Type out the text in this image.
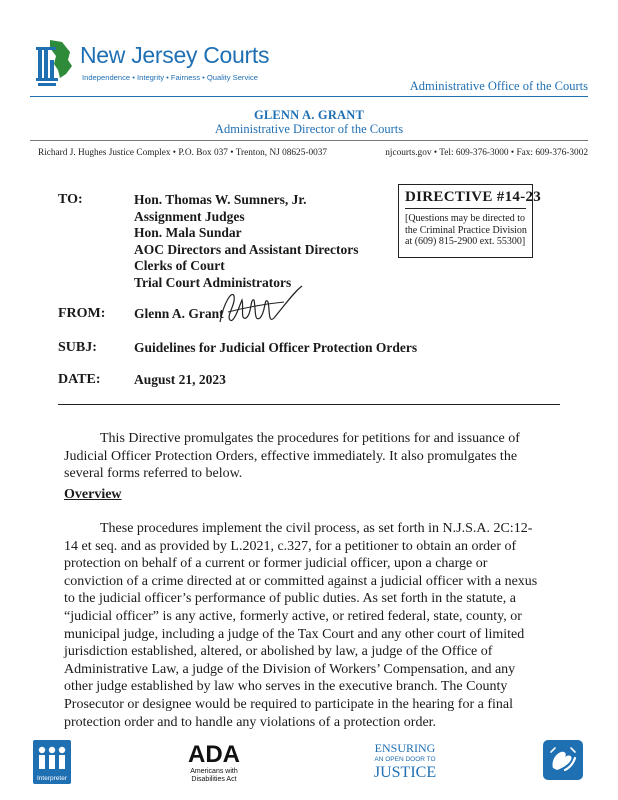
New Jersey Courts
Independence • Integrity • Fairness • Quality Service
Administrative Office of the Courts
GLENN A. GRANT
Administrative Director of the Courts
Richard J. Hughes Justice Complex • P.O. Box 037 • Trenton, NJ 08625-0037	njcourts.gov • Tel: 609-376-3000 • Fax: 609-376-3002
TO:	Hon. Thomas W. Sumners, Jr.
Assignment Judges
Hon. Mala Sundar
AOC Directors and Assistant Directors
Clerks of Court
Trial Court Administrators
DIRECTIVE #14-23
[Questions may be directed to
the Criminal Practice Division
at (609) 815-2900 ext. 55300]
FROM: Glenn A. Grant
SUBJ:	Guidelines for Judicial Officer Protection Orders
DATE: August 21, 2023
This Directive promulgates the procedures for petitions for and issuance of
Judicial Officer Protection Orders, effective immediately. It also promulgates the
several forms referred to below.
Overview
These procedures implement the civil process, as set forth in N.J.S.A. 2C:12-
14 et seq. and as provided by L.2021, c.327, for a petitioner to obtain an order of
protection on behalf of a current or former judicial officer, upon a charge or
conviction of a crime directed at or committed against a judicial officer with a nexus
to the judicial officer’s performance of public duties. As set forth in the statute, a
“judicial officer” is any active, formerly active, or retired federal, state, county, or
municipal judge, including a judge of the Tax Court and any other court of limited
jurisdiction established, altered, or abolished by law, a judge of the Office of
Administrative Law, a judge of the Division of Workers’ Compensation, and any
other judge established by law who serves in the executive branch. The County
Prosecutor or designee would be required to participate in the hearing for a final
protection order and to handle any violations of a protection order.
Interpreter
ADA
Americans with
Disabilities Act
ENSURING
AN OPEN DOOR TO
JUSTICE
